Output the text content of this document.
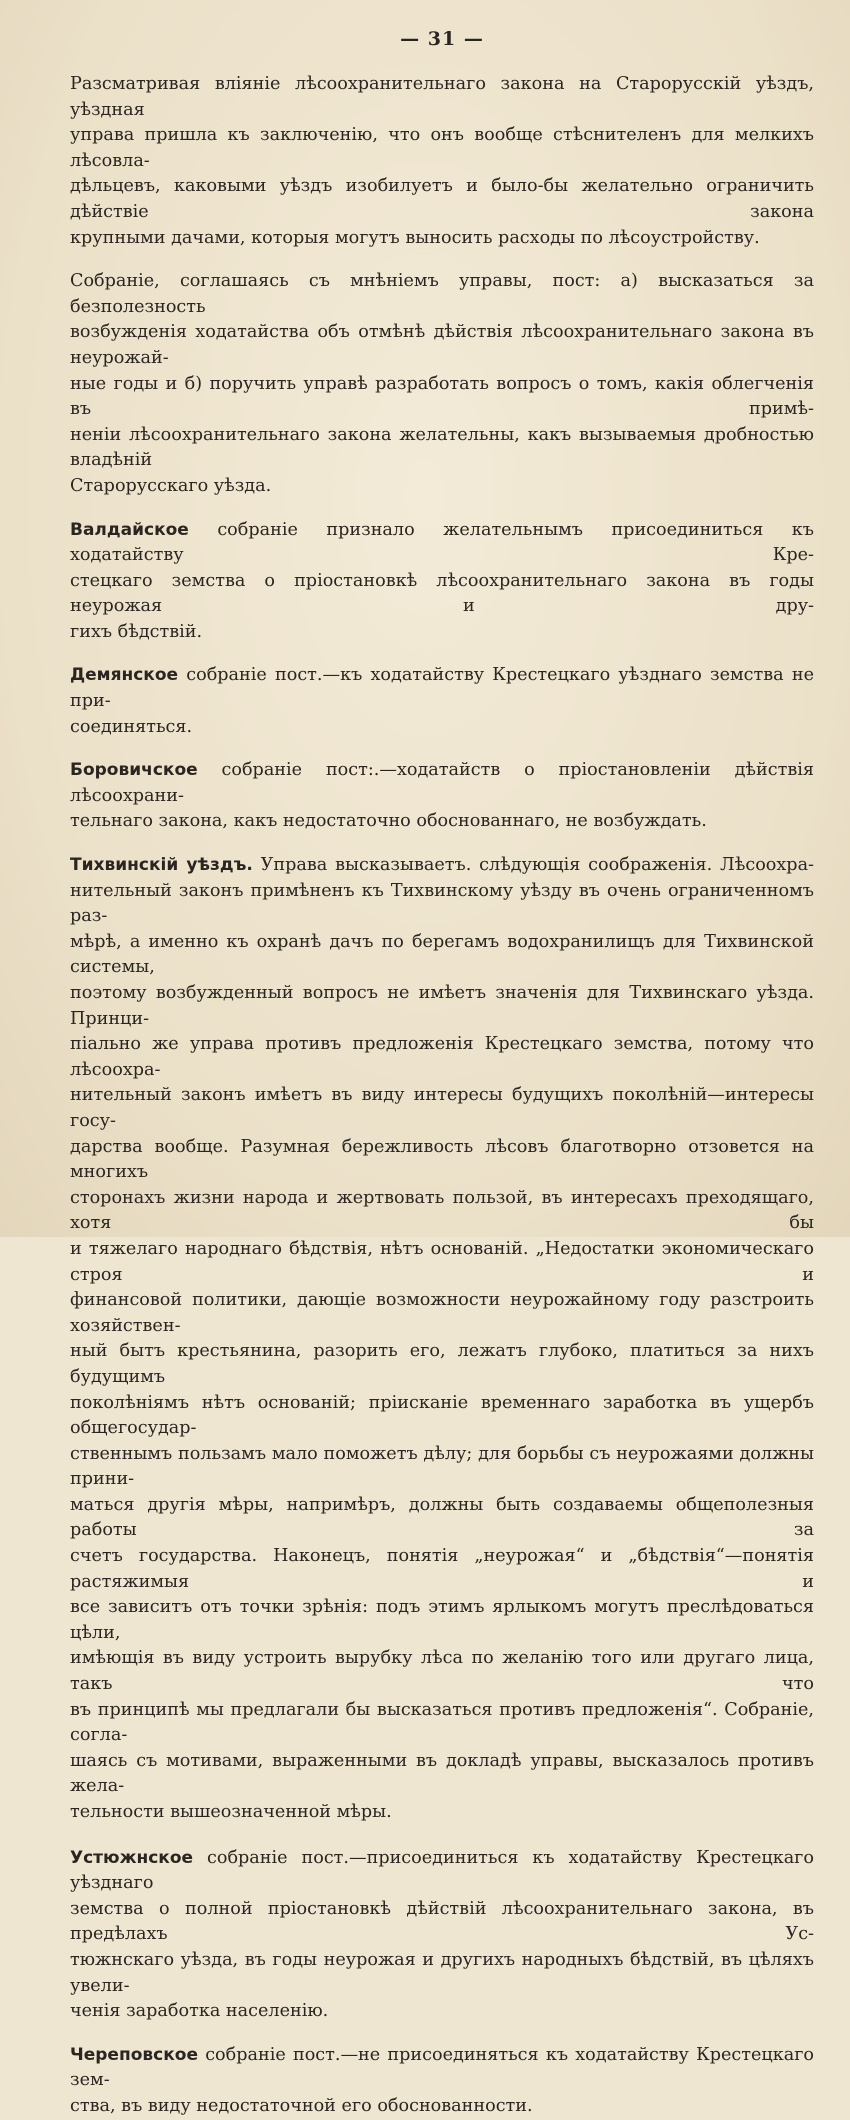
— 31 —

Разсматривая вліяніе лѣсоохранительнаго закона на Старорусскій уѣздъ, уѣздная
управа пришла къ заключенію, что онъ вообще стѣснителенъ для мелкихъ лѣсовла-
дѣльцевъ, каковыми уѣздъ изобилуетъ и было-бы желательно ограничить дѣйствіе закона
крупными дачами, которыя могутъ выносить расходы по лѣсоустройству.

Собраніе, соглашаясь съ мнѣніемъ управы, пост: а) высказаться за безполезность
возбужденія ходатайства объ отмѣнѣ дѣйствія лѣсоохранительнаго закона въ неурожай-
ные годы и б) поручить управѣ разработать вопросъ о томъ, какія облегченія въ примѣ-
неніи лѣсоохранительнаго закона желательны, какъ вызываемыя дробностью владѣній
Старорусскаго уѣзда.

Валдайское собраніе признало желательнымъ присоединиться къ ходатайству Кре-
стецкаго земства о пріостановкѣ лѣсоохранительнаго закона въ годы неурожая и дру-
гихъ бѣдствій.

Демянское собраніе пост.—къ ходатайству Крестецкаго уѣзднаго земства не при-
соединяться.

Боровичское собраніе пост:.—ходатайств о пріостановленіи дѣйствія лѣсоохрани-
тельнаго закона, какъ недостаточно обоснованнаго, не возбуждать.

Тихвинскій уѣздъ. Управа высказываетъ. слѣдующія соображенія. Лѣсоохра-
нительный законъ примѣненъ къ Тихвинскому уѣзду въ очень ограниченномъ раз-
мѣрѣ, а именно къ охранѣ дачъ по берегамъ водохранилищъ для Тихвинской системы,
поэтому возбужденный вопросъ не имѣетъ значенія для Тихвинскаго уѣзда. Принци-
піально же управа противъ предложенія Крестецкаго земства, потому что лѣсоохра-
нительный законъ имѣетъ въ виду интересы будущихъ поколѣній—интересы госу-
дарства вообще. Разумная бережливость лѣсовъ благотворно отзовется на многихъ
сторонахъ жизни народа и жертвовать пользой, въ интересахъ преходящаго, хотя бы
и тяжелаго народнаго бѣдствія, нѣтъ основаній. „Недостатки экономическаго строя и
финансовой политики, дающіе возможности неурожайному году разстроить хозяйствен-
ный бытъ крестьянина, разорить его, лежатъ глубоко, платиться за нихъ будущимъ
поколѣніямъ нѣтъ основаній; пріисканіе временнаго заработка въ ущербъ общегосудар-
ственнымъ пользамъ мало поможетъ дѣлу; для борьбы съ неурожаями должны прини-
маться другія мѣры, напримѣръ, должны быть создаваемы общеполезныя работы за
счетъ государства. Наконецъ, понятія „неурожая“ и „бѣдствія“—понятія растяжимыя и
все зависитъ отъ точки зрѣнія: подъ этимъ ярлыкомъ могутъ преслѣдоваться цѣли,
имѣющія въ виду устроить вырубку лѣса по желанію того или другаго лица, такъ что
въ принципѣ мы предлагали бы высказаться противъ предложенія“. Собраніе, согла-
шаясь съ мотивами, выраженными въ докладѣ управы, высказалось противъ жела-
тельности вышеозначенной мѣры.

Устюжнское собраніе пост.—присоединиться къ ходатайству Крестецкаго уѣзднаго
земства о полной пріостановкѣ дѣйствій лѣсоохранительнаго закона, въ предѣлахъ Ус-
тюжнскаго уѣзда, въ годы неурожая и другихъ народныхъ бѣдствій, въ цѣляхъ увели-
ченія заработка населенію.

Череповское собраніе пост.—не присоединяться къ ходатайству Крестецкаго зем-
ства, въ виду недостаточной его обоснованности.
